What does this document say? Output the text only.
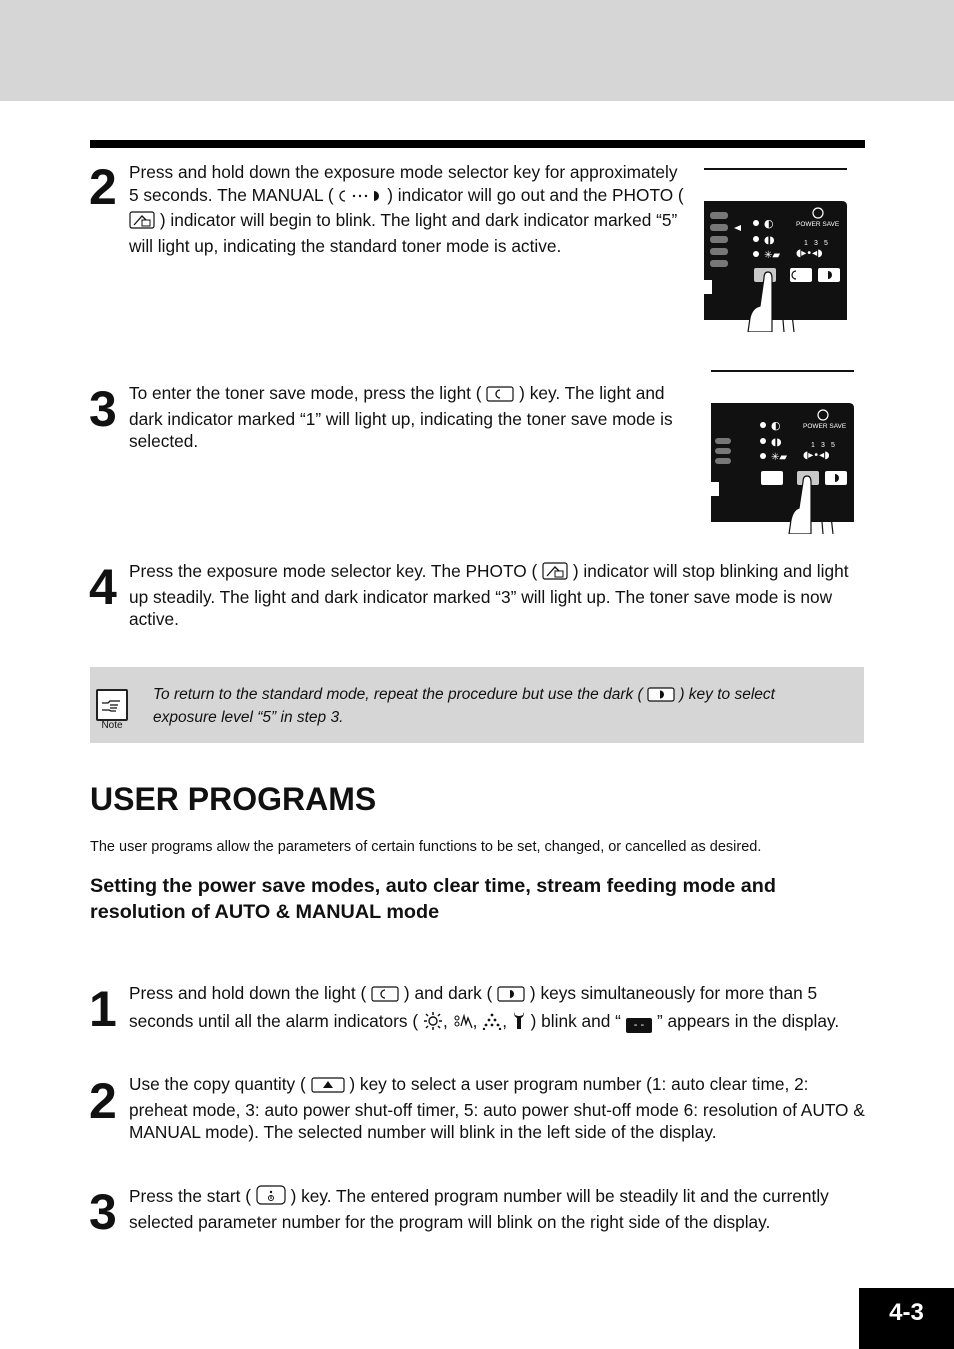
2 Press and hold down the exposure mode selector key for approximately 5 seconds. The MANUAL (	) indicator will go out and the PHOTO (  ) indicator will begin to blink. The light and dark indicator marked “5” will light up, indicating the standard toner mode is active.
◐
◖◗
✳▰
POWER SAVE
1 3 5
◖▸•◂◗
3 To enter the toner save mode, press the light ( ) key. The light and dark indicator marked “1” will light up, indicating the toner save mode is selected.
◐
◖◗
✳▰
POWER SAVE
1 3 5
◖▸•◂◗
4 Press the exposure mode selector key. The PHOTO ( ) indicator will stop blinking and light up steadily. The light and dark indicator marked “3” will light up. The toner save mode is now active.
Note
To return to the standard mode, repeat the procedure but use the dark ( ) key to select exposure level “5” in step 3.
USER PROGRAMS
The user programs allow the parameters of certain functions to be set, changed, or cancelled as desired.
Setting the power save modes, auto clear time, stream feeding mode and resolution of AUTO & MANUAL mode
1 Press and hold down the light ( ) and dark ( ) keys simultaneously for more than 5 seconds until all the alarm indicators ( , , , ) blink and “ - - ” appears in the display.
2 Use the copy quantity (	) key to select a user program number (1: auto clear time, 2: preheat mode, 3: auto power shut-off timer, 5: auto power shut-off mode 6: resolution of AUTO & MANUAL mode). The selected number will blink in the left side of the display.
3 Press the start ( ) key. The entered program number will be steadily lit and the currently selected parameter number for the program will blink on the right side of the display.
4-3
